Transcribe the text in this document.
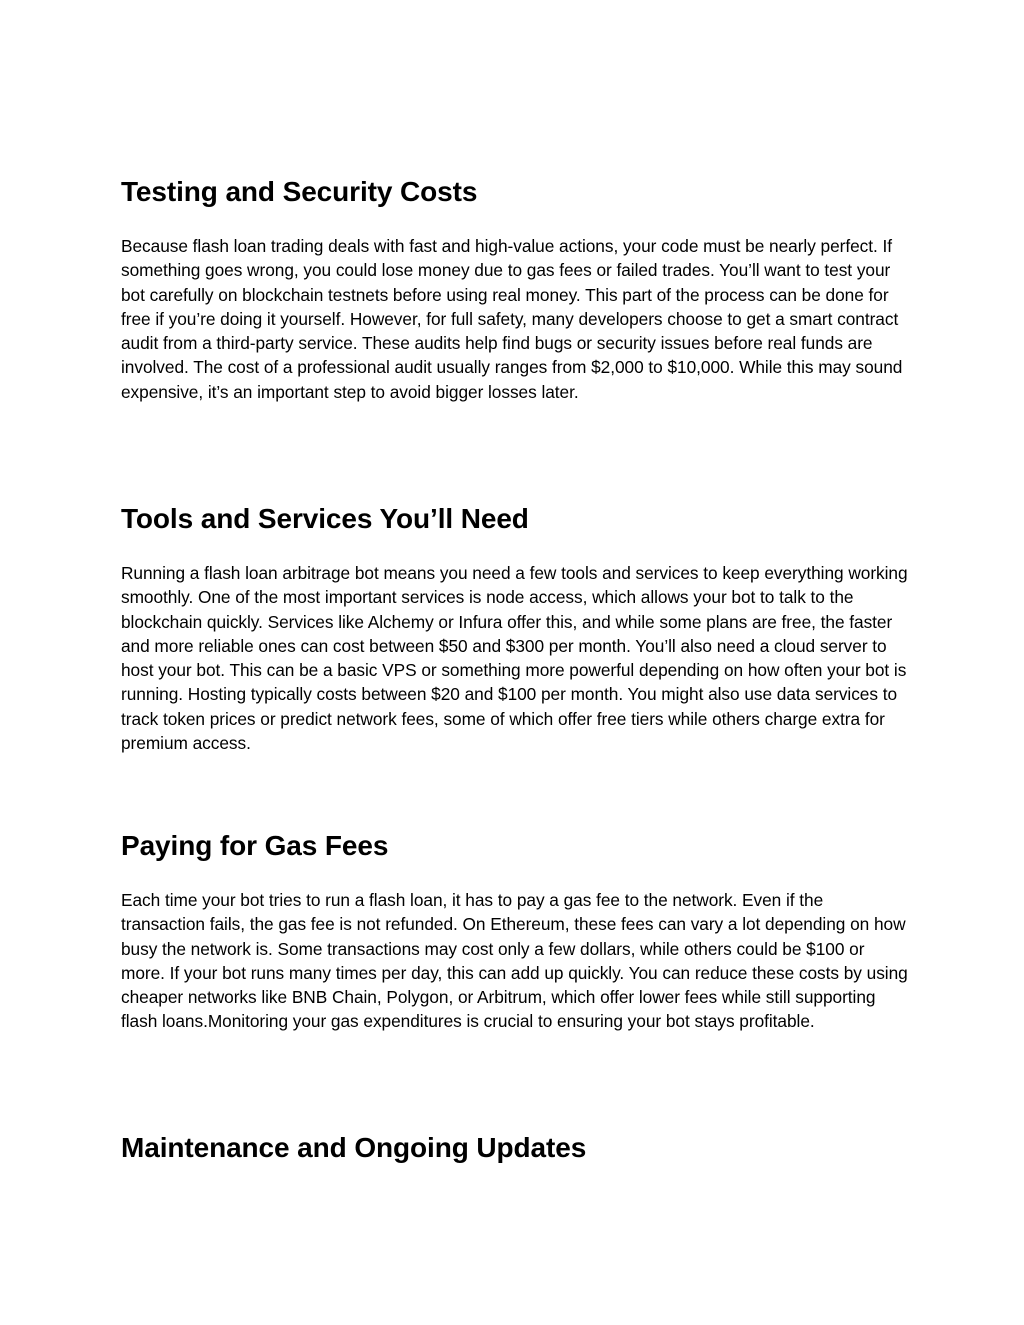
Testing and Security Costs

Because flash loan trading deals with fast and high-value actions, your code must be nearly perfect. If something goes wrong, you could lose money due to gas fees or failed trades. You’ll want to test your bot carefully on blockchain testnets before using real money. This part of the process can be done for free if you’re doing it yourself. However, for full safety, many developers choose to get a smart contract audit from a third-party service. These audits help find bugs or security issues before real funds are involved. The cost of a professional audit usually ranges from $2,000 to $10,000. While this may sound expensive, it’s an important step to avoid bigger losses later.

Tools and Services You’ll Need

Running a flash loan arbitrage bot means you need a few tools and services to keep everything working smoothly. One of the most important services is node access, which allows your bot to talk to the blockchain quickly. Services like Alchemy or Infura offer this, and while some plans are free, the faster and more reliable ones can cost between $50 and $300 per month. You’ll also need a cloud server to host your bot. This can be a basic VPS or something more powerful depending on how often your bot is running. Hosting typically costs between $20 and $100 per month. You might also use data services to track token prices or predict network fees, some of which offer free tiers while others charge extra for premium access.

Paying for Gas Fees

Each time your bot tries to run a flash loan, it has to pay a gas fee to the network. Even if the transaction fails, the gas fee is not refunded. On Ethereum, these fees can vary a lot depending on how busy the network is. Some transactions may cost only a few dollars, while others could be $100 or more. If your bot runs many times per day, this can add up quickly. You can reduce these costs by using cheaper networks like BNB Chain, Polygon, or Arbitrum, which offer lower fees while still supporting flash loans.Monitoring your gas expenditures is crucial to ensuring your bot stays profitable.

Maintenance and Ongoing Updates
